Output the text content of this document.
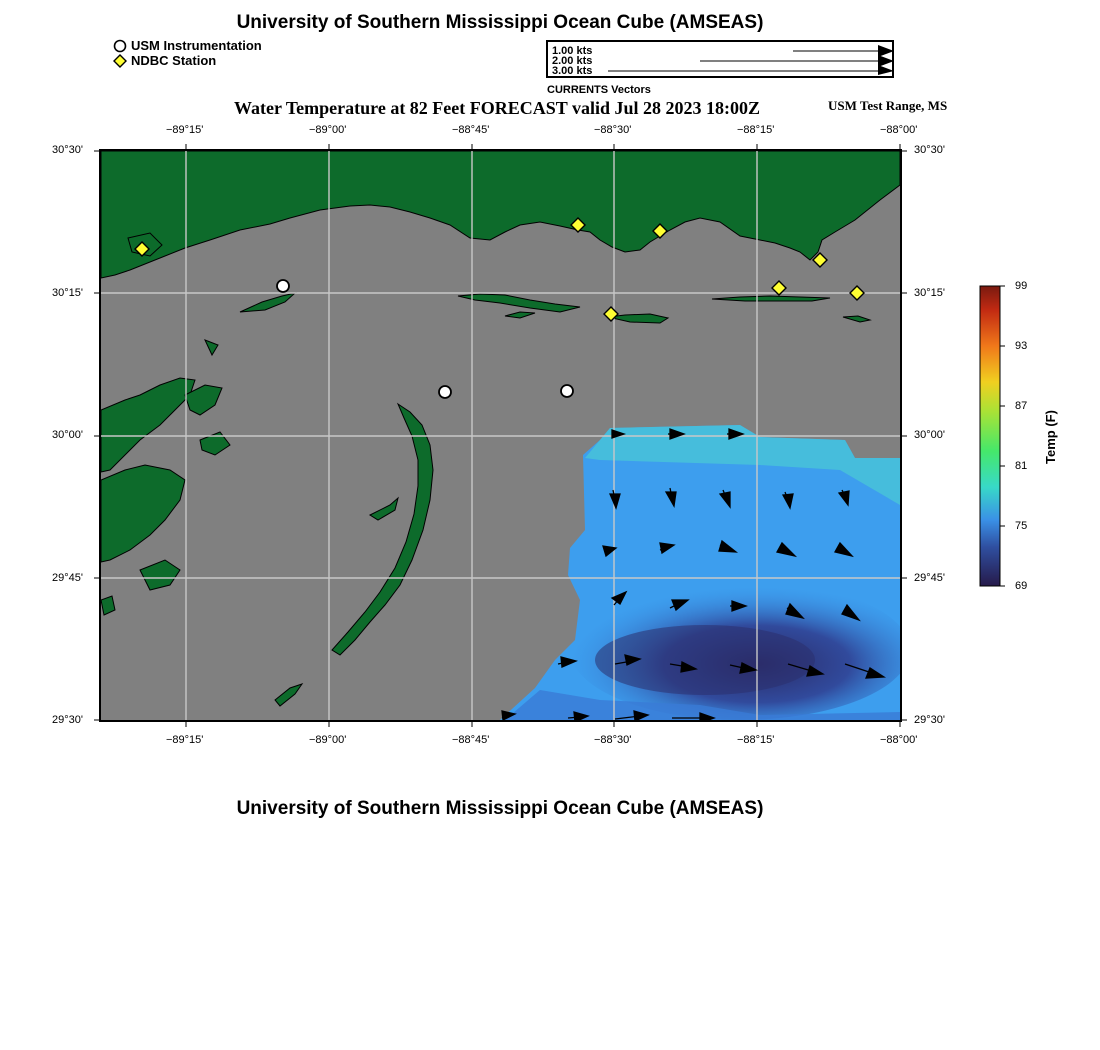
University of Southern Mississippi Ocean Cube (AMSEAS)
USM Instrumentation
NDBC Station
1.00 kts
2.00 kts
3.00 kts
CURRENTS Vectors
Water Temperature at 82 Feet FORECAST valid Jul 28 2023 18:00Z	USM Test Range, MS
−89°15'	−89°00'	−88°45'	−88°30'	−88°15'	−88°00'
−89°15'	−89°00'	−88°45'	−88°30'	−88°15'	−88°00'
30°30'
30°15'
30°00'
29°45'
29°30'
30°30'
30°15'
30°00'
29°45'
29°30'
99
93
87
81
75
69
Temp (F)
University of Southern Mississippi Ocean Cube (AMSEAS)
